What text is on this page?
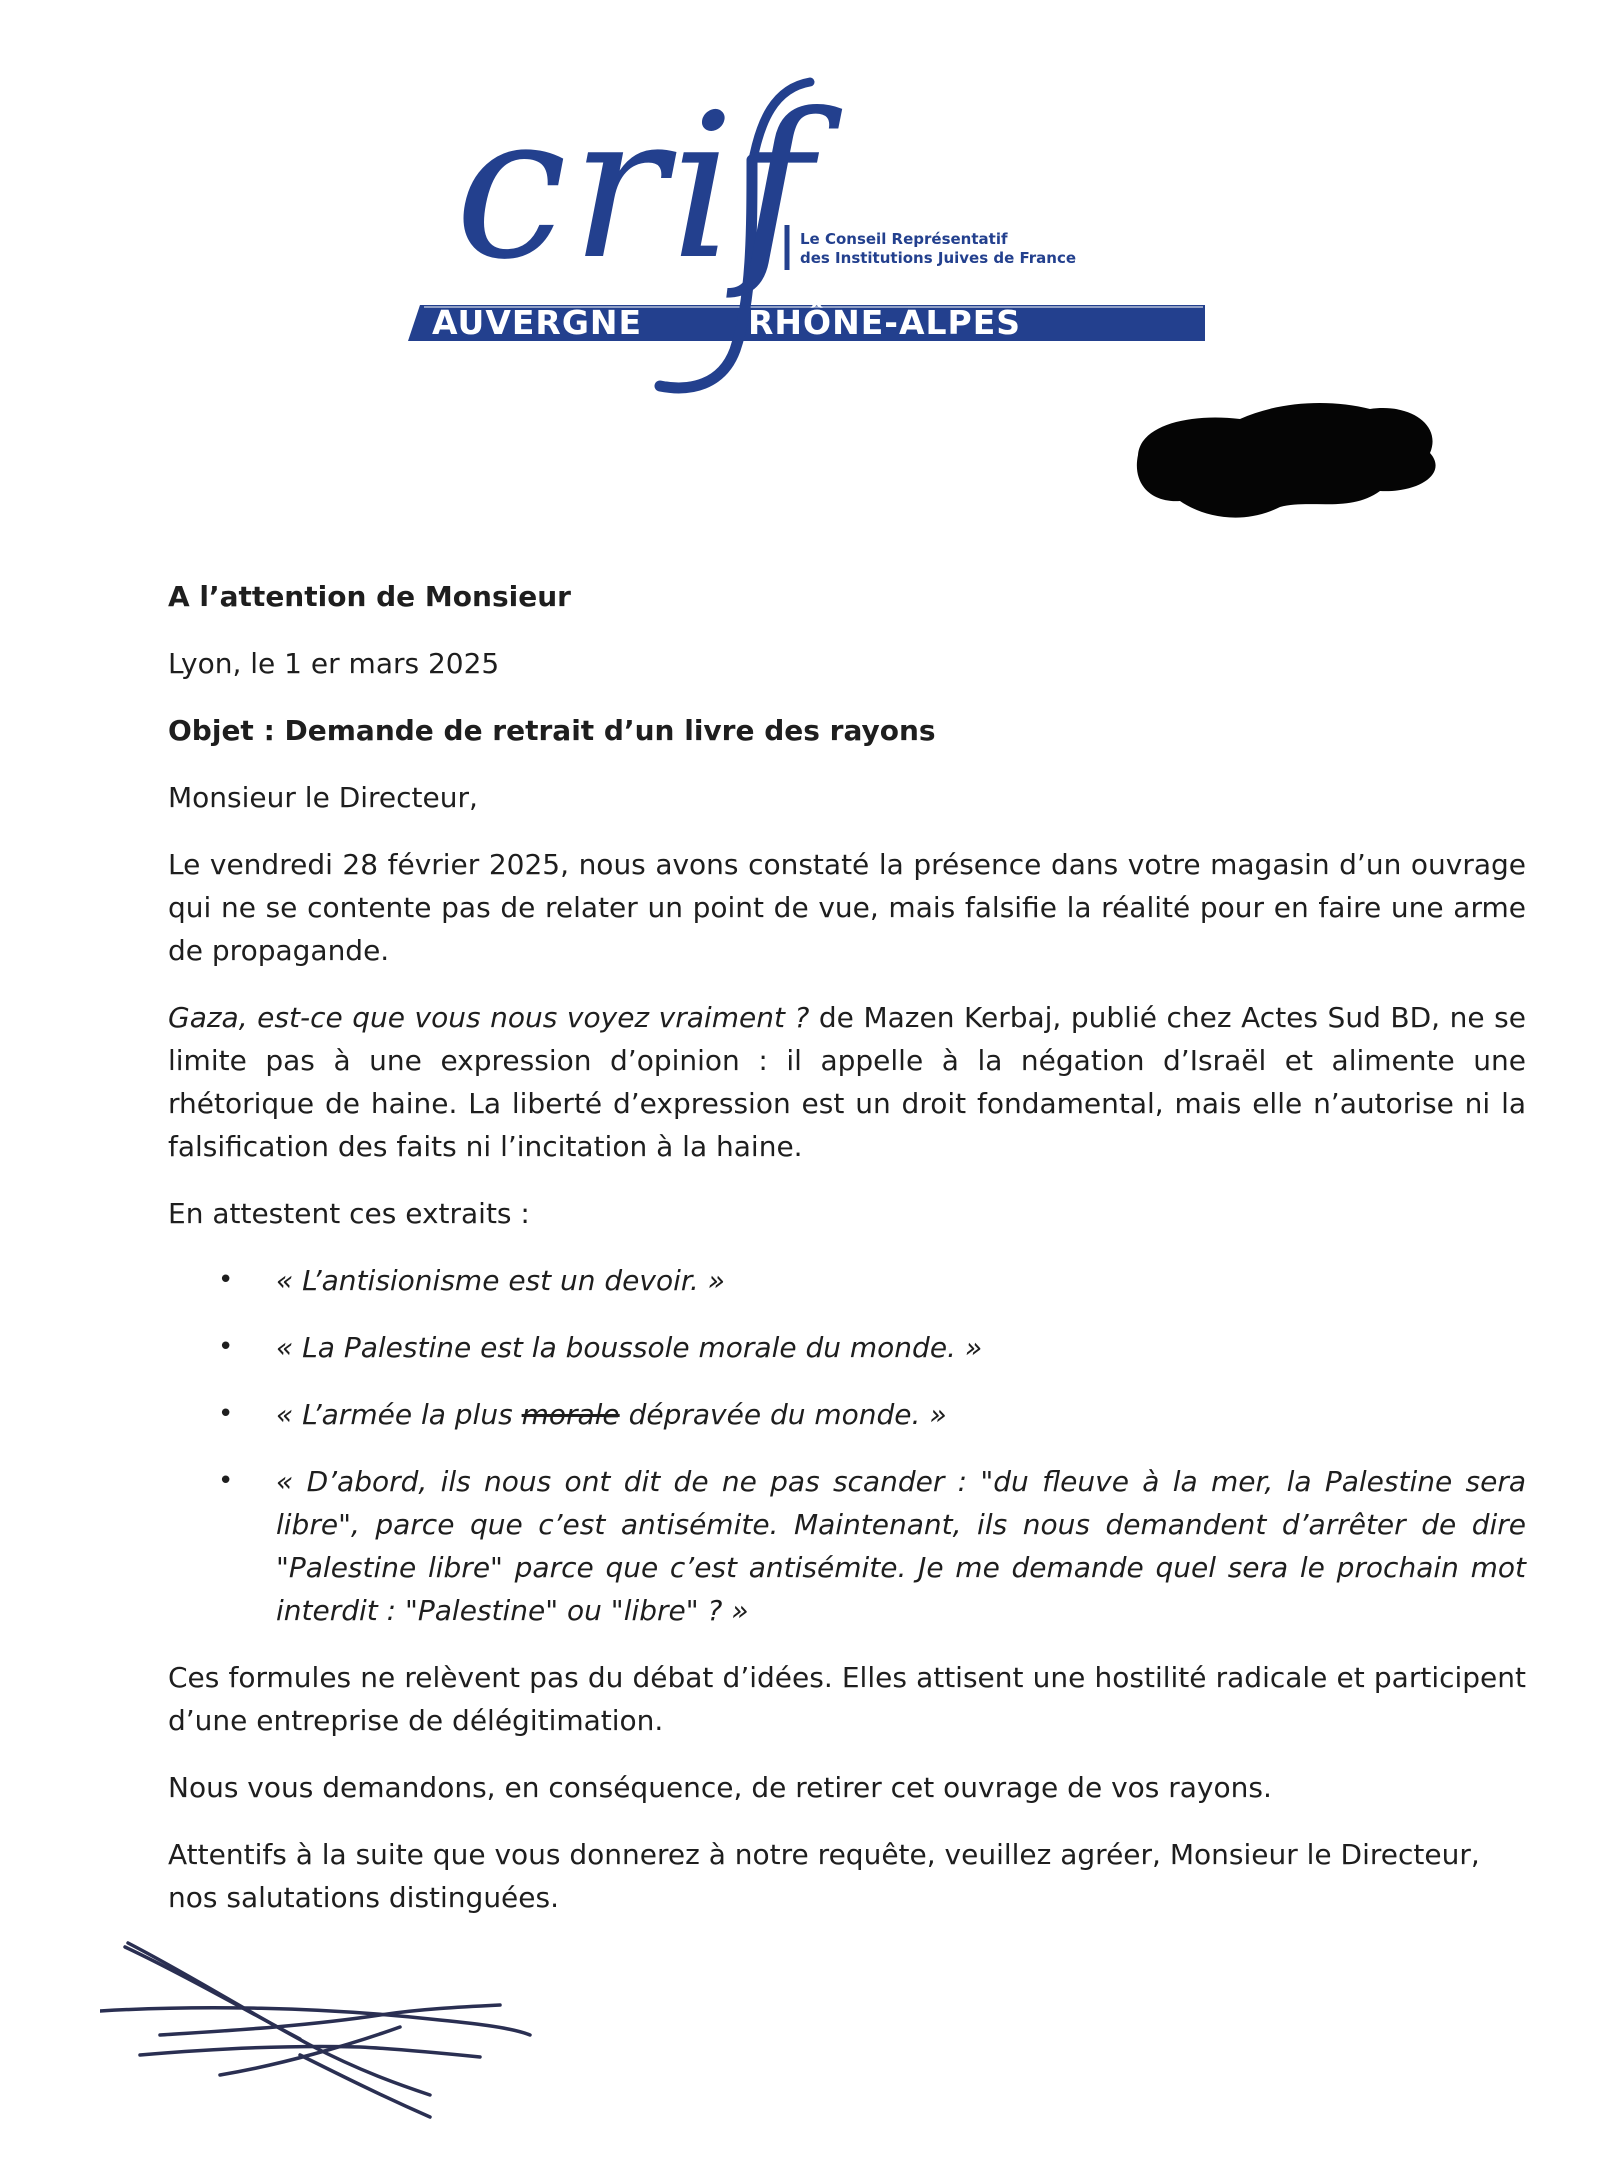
crif
Le Conseil Représentatif
des Institutions Juives de France
AUVERGNE	RHÔNE-ALPES

A l’attention de Monsieur

Lyon, le 1 er mars 2025

Objet : Demande de retrait d’un livre des rayons

Monsieur le Directeur,

Le vendredi 28 février 2025, nous avons constaté la présence dans votre magasin d’un ouvrage qui ne se contente pas de relater un point de vue, mais falsifie la réalité pour en faire une arme de propagande.

Gaza, est-ce que vous nous voyez vraiment ? de Mazen Kerbaj, publié chez Actes Sud BD, ne se limite pas à une expression d’opinion : il appelle à la négation d’Israël et alimente une rhétorique de haine. La liberté d’expression est un droit fondamental, mais elle n’autorise ni la falsification des faits ni l’incitation à la haine.

En attestent ces extraits :

• « L’antisionisme est un devoir. »
• « La Palestine est la boussole morale du monde. »
• « L’armée la plus morale dépravée du monde. »
• « D’abord, ils nous ont dit de ne pas scander : "du fleuve à la mer, la Palestine sera libre", parce que c’est antisémite. Maintenant, ils nous demandent d’arrêter de dire "Palestine libre" parce que c’est antisémite. Je me demande quel sera le prochain mot interdit : "Palestine" ou "libre" ? »

Ces formules ne relèvent pas du débat d’idées. Elles attisent une hostilité radicale et participent d’une entreprise de délégitimation.

Nous vous demandons, en conséquence, de retirer cet ouvrage de vos rayons.

Attentifs à la suite que vous donnerez à notre requête, veuillez agréer, Monsieur le Directeur, nos salutations distinguées.
